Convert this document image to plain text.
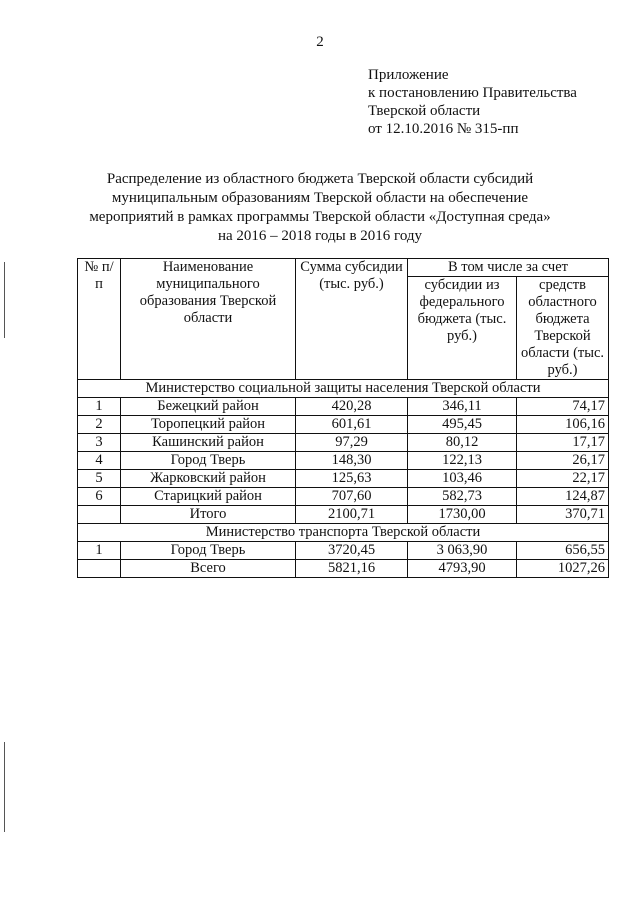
2
Приложение
к постановлению Правительства
Тверской области
от 12.10.2016 № 315-пп
Распределение из областного бюджета Тверской области субсидий
муниципальным образованиям Тверской области на обеспечение
мероприятий в рамках программы Тверской области «Доступная среда»
на 2016 – 2018 годы в 2016 году
№ п/п	Наименование муниципального образования Тверской области	Сумма субсидии (тыс. руб.)	В том числе за счет	
			субсидии из федерального бюджета (тыс. руб.)	средств областного бюджета Тверской области (тыс. руб.)
Министерство социальной защиты населения Тверской области				
1	Бежецкий район	420,28	346,11	74,17
2	Торопецкий район	601,61	495,45	106,16
3	Кашинский район	97,29	80,12	17,17
4	Город Тверь	148,30	122,13	26,17
5	Жарковский район	125,63	103,46	22,17
6	Старицкий район	707,60	582,73	124,87
	Итого	2100,71	1730,00	370,71
Министерство транспорта Тверской области				
1	Город Тверь	3720,45	3 063,90	656,55
	Всего	5821,16	4793,90	1027,26
